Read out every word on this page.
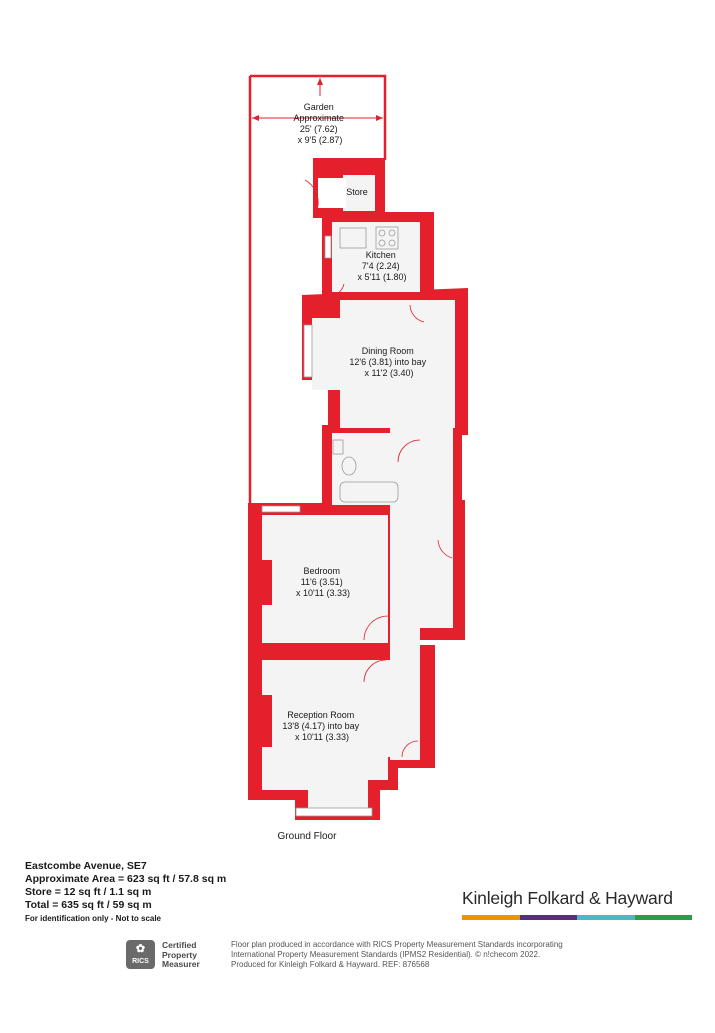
Garden Approximate 25' (7.62) x 9'5 (2.87)
Store
Kitchen 7'4 (2.24) x 5'11 (1.80)
Dining Room 12'6 (3.81) into bay x 11'2 (3.40)
Bedroom 11'6 (3.51) x 10'11 (3.33)
Reception Room 13'8 (4.17) into bay x 10'11 (3.33)
Ground Floor
Eastcombe Avenue, SE7
Approximate Area = 623 sq ft / 57.8 sq m
Store = 12 sq ft / 1.1 sq m
Total = 635 sq ft / 59 sq m
For identification only - Not to scale
Kinleigh Folkard & Hayward
✿
RICS
Certified
Property
Measurer
Floor plan produced in accordance with RICS Property Measurement Standards incorporating
International Property Measurement Standards (IPMS2 Residential). © n!checom 2022.
Produced for Kinleigh Folkard & Hayward. REF: 876568
